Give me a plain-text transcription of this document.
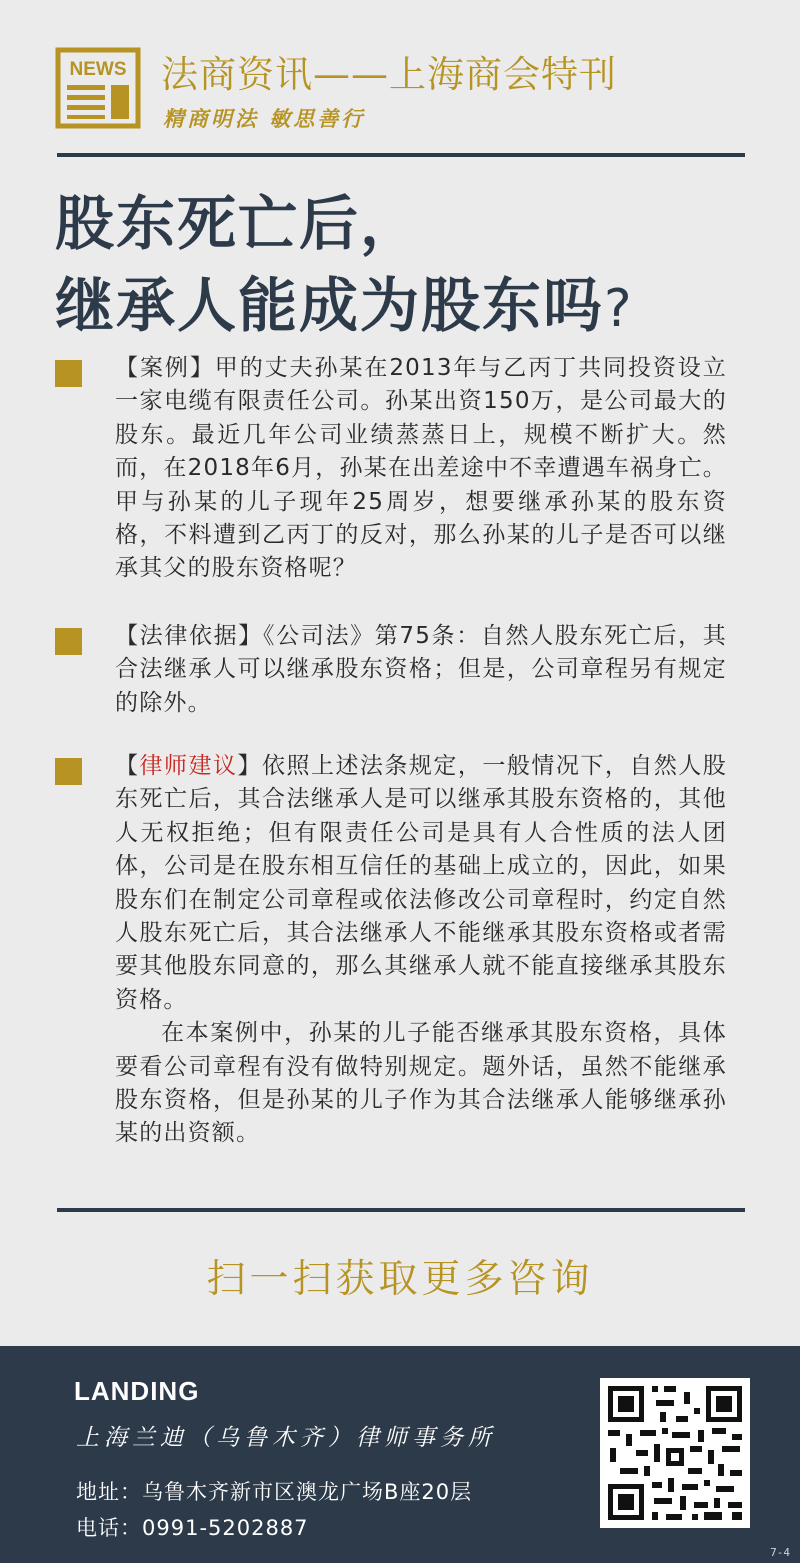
NEWS 法商资讯——上海商会特刊
精商明法 敏思善行
股东死亡后，
继承人能成为股东吗?

【案例】甲的丈夫孙某在2013年与乙丙丁共同投资设立一家电缆有限责任公司。孙某出资150万，是公司最大的股东。最近几年公司业绩蒸蒸日上，规模不断扩大。然而，在2018年6月，孙某在出差途中不幸遭遇车祸身亡。甲与孙某的儿子现年25周岁，想要继承孙某的股东资格，不料遭到乙丙丁的反对，那么孙某的儿子是否可以继承其父的股东资格呢？

【法律依据】《公司法》第75条：自然人股东死亡后，其合法继承人可以继承股东资格；但是，公司章程另有规定的除外。

【律师建议】依照上述法条规定，一般情况下，自然人股东死亡后，其合法继承人是可以继承其股东资格的，其他人无权拒绝；但有限责任公司是具有人合性质的法人团体，公司是在股东相互信任的基础上成立的，因此，如果股东们在制定公司章程或依法修改公司章程时，约定自然人股东死亡后，其合法继承人不能继承其股东资格或者需要其他股东同意的，那么其继承人就不能直接继承其股东资格。

在本案例中，孙某的儿子能否继承其股东资格，具体要看公司章程有没有做特别规定。题外话，虽然不能继承股东资格，但是孙某的儿子作为其合法继承人能够继承孙某的出资额。

扫一扫获取更多咨询
LANDING
上海兰迪（乌鲁木齐）律师事务所
地址：乌鲁木齐新市区澳龙广场B座20层
电话：0991-5202887
7-4
